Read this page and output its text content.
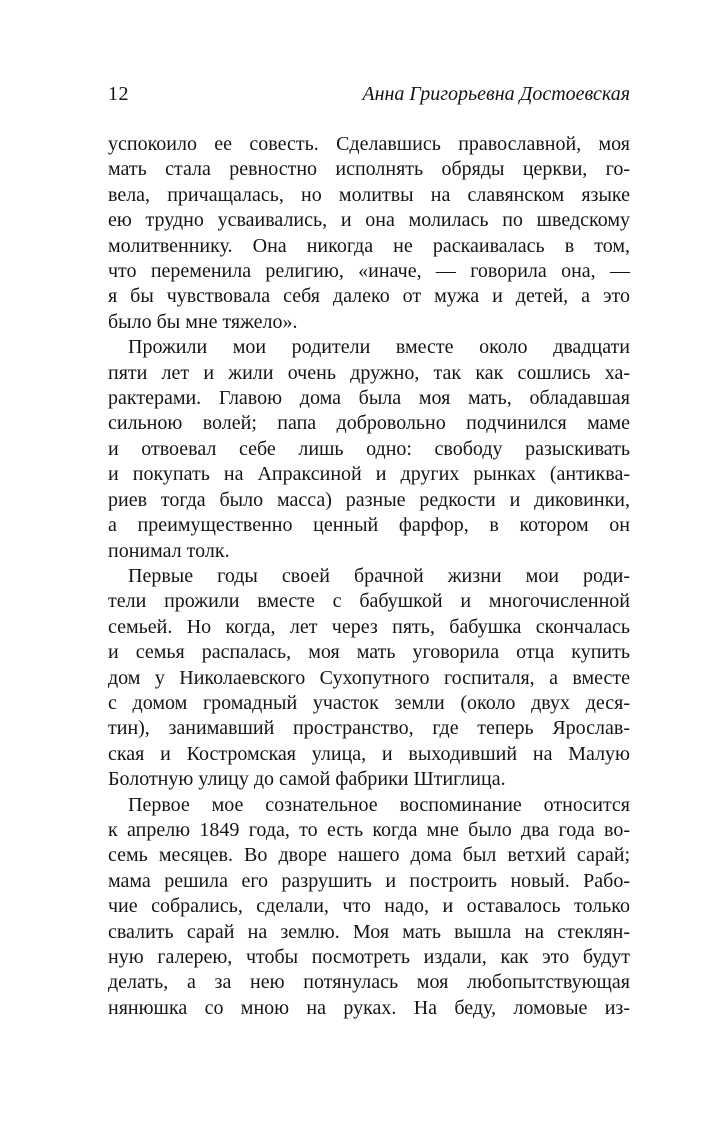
12	Анна Григорьевна Достоевская

успокоило ее совесть. Сделавшись православной, моя
мать стала ревностно исполнять обряды церкви, го-
вела, причащалась, но молитвы на славянском языке
ею трудно усваивались, и она молилась по шведскому
молитвеннику. Она никогда не раскаивалась в том,
что переменила религию, «иначе, — говорила она, —
я бы чувствовала себя далеко от мужа и детей, а это
было бы мне тяжело».

Прожили мои родители вместе около двадцати
пяти лет и жили очень дружно, так как сошлись ха-
рактерами. Главою дома была моя мать, обладавшая
сильною волей; папа добровольно подчинился маме
и отвоевал себе лишь одно: свободу разыскивать
и покупать на Апраксиной и других рынках (антиква-
риев тогда было масса) разные редкости и диковинки,
а преимущественно ценный фарфор, в котором он
понимал толк.

Первые годы своей брачной жизни мои роди-
тели прожили вместе с бабушкой и многочисленной
семьей. Но когда, лет через пять, бабушка скончалась
и семья распалась, моя мать уговорила отца купить
дом у Николаевского Сухопутного госпиталя, а вместе
с домом громадный участок земли (около двух деся-
тин), занимавший пространство, где теперь Ярослав-
ская и Костромская улица, и выходивший на Малую
Болотную улицу до самой фабрики Штиглица.

Первое мое сознательное воспоминание относится
к апрелю 1849 года, то есть когда мне было два года во-
семь месяцев. Во дворе нашего дома был ветхий сарай;
мама решила его разрушить и построить новый. Рабо-
чие собрались, сделали, что надо, и оставалось только
свалить сарай на землю. Моя мать вышла на стеклян-
ную галерею, чтобы посмотреть издали, как это будут
делать, а за нею потянулась моя любопытствующая
нянюшка со мною на руках. На беду, ломовые из-
